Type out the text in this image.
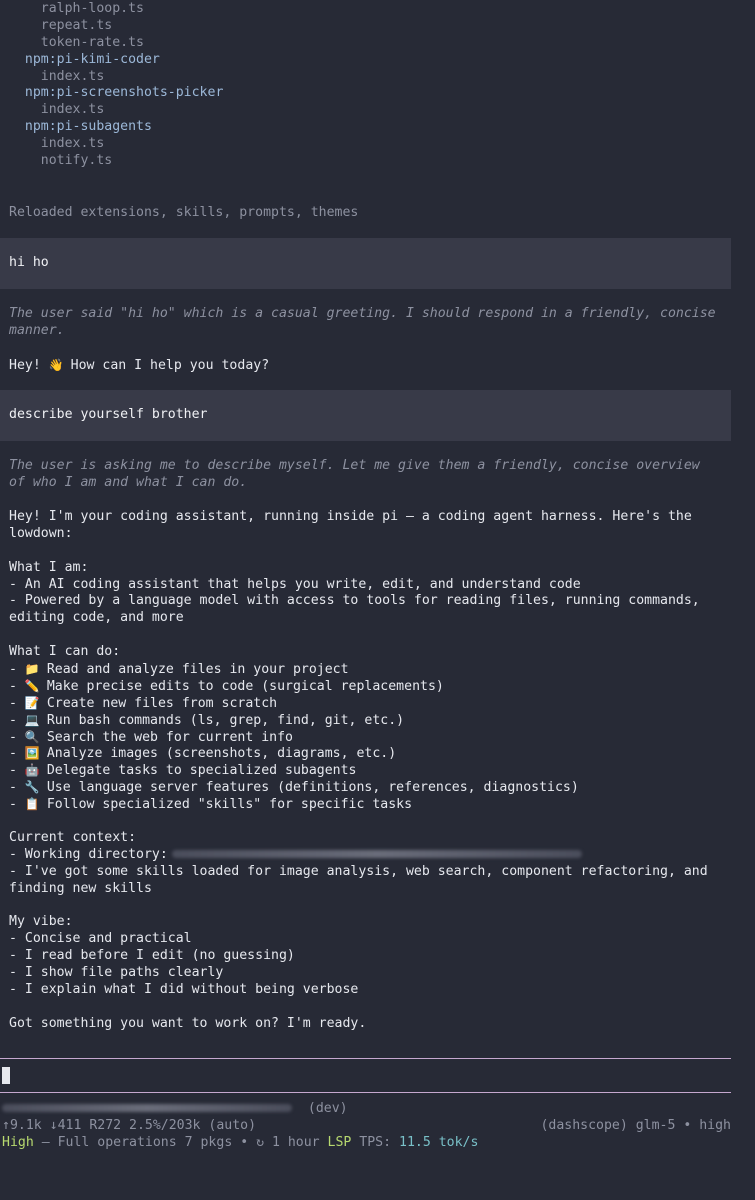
ralph-loop.ts
repeat.ts
token-rate.ts
npm:pi-kimi-coder
index.ts
npm:pi-screenshots-picker
index.ts
npm:pi-subagents
index.ts
notify.ts
Reloaded extensions, skills, prompts, themes
hi ho
The user said "hi ho" which is a casual greeting. I should respond in a friendly, concise
manner.
Hey! 👋 How can I help you today?
describe yourself brother
The user is asking me to describe myself. Let me give them a friendly, concise overview
of who I am and what I can do.
Hey! I'm your coding assistant, running inside pi — a coding agent harness. Here's the
lowdown:
What I am:
- An AI coding assistant that helps you write, edit, and understand code
- Powered by a language model with access to tools for reading files, running commands,
editing code, and more
What I can do:
- 📁 Read and analyze files in your project
- ✏️ Make precise edits to code (surgical replacements)
- 📝 Create new files from scratch
- 💻 Run bash commands (ls, grep, find, git, etc.)
- 🔍 Search the web for current info
- 🖼️ Analyze images (screenshots, diagrams, etc.)
- 🤖 Delegate tasks to specialized subagents
- 🔧 Use language server features (definitions, references, diagnostics)
- 📋 Follow specialized "skills" for specific tasks
Current context:
- Working directory:
- I've got some skills loaded for image analysis, web search, component refactoring, and
finding new skills
My vibe:
- Concise and practical
- I read before I edit (no guessing)
- I show file paths clearly
- I explain what I did without being verbose
Got something you want to work on? I'm ready.
(dev)
↑9.1k ↓411 R272 2.5%/203k (auto)	(dashscope) glm-5 • high
High – Full operations 7 pkgs • ↻ 1 hour LSP TPS: 11.5 tok/s
